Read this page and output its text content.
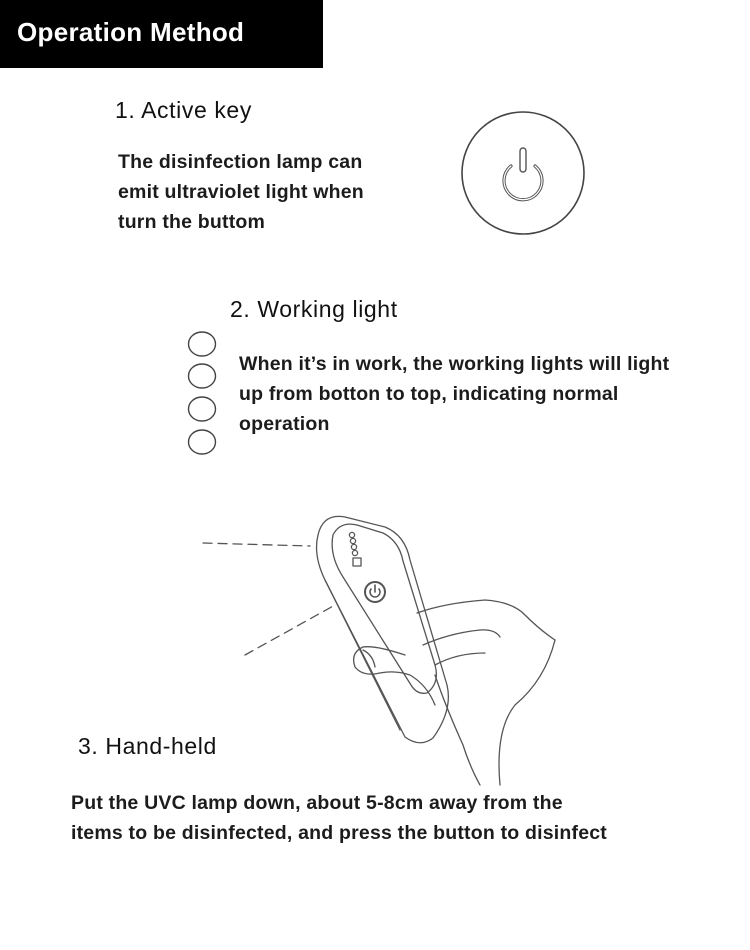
Operation Method
1. Active key
The disinfection lamp can
emit ultraviolet light when
turn the buttom
2. Working light
When it’s in work, the working lights will light
up from botton to top, indicating normal
operation
3. Hand-held
Put the UVC lamp down, about 5-8cm away from the
items to be disinfected, and press the button to disinfect
